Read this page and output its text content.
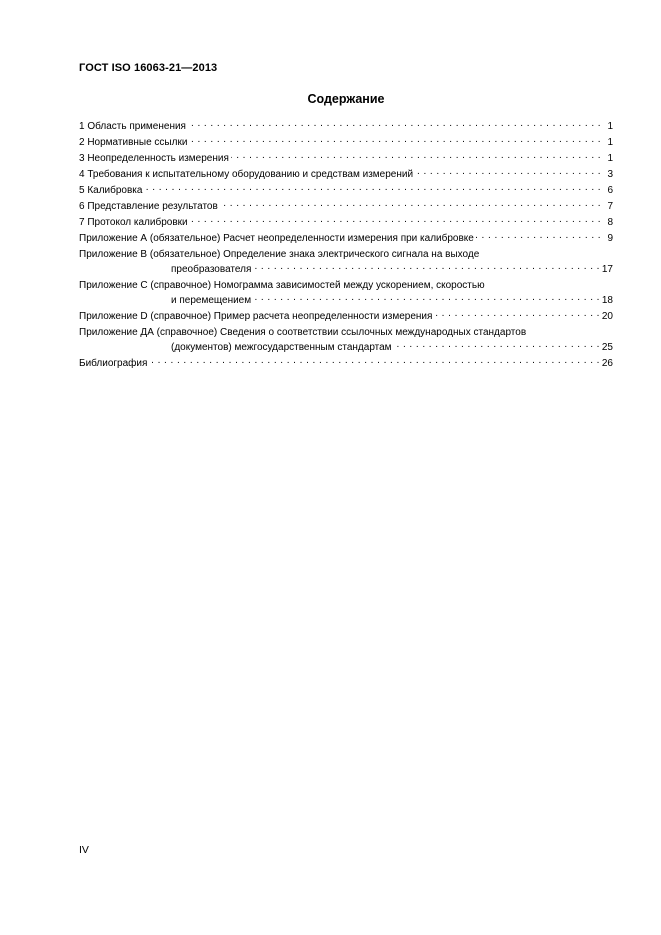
ГОСТ ISO 16063-21—2013
Содержание
1 Область применения . . .	1
2 Нормативные ссылки . . .	1
3 Неопределенность измерения . . .	1
4 Требования к испытательному оборудованию и средствам измерений . . .	3
5 Калибровка . . .	6
6 Представление результатов . . .	7
7 Протокол калибровки . . .	8
Приложение А (обязательное) Расчет неопределенности измерения при калибровке . . .	9
Приложение В (обязательное) Определение знака электрического сигнала на выходе
преобразователя . . .	17
Приложение С (справочное) Номограмма зависимостей между ускорением, скоростью
и перемещением . . .	18
Приложение D (справочное) Пример расчета неопределенности измерения . . .	20
Приложение ДА (справочное) Сведения о соответствии ссылочных международных стандартов
(документов) межгосударственным стандартам . . .	25
Библиография . . .	26
IV
